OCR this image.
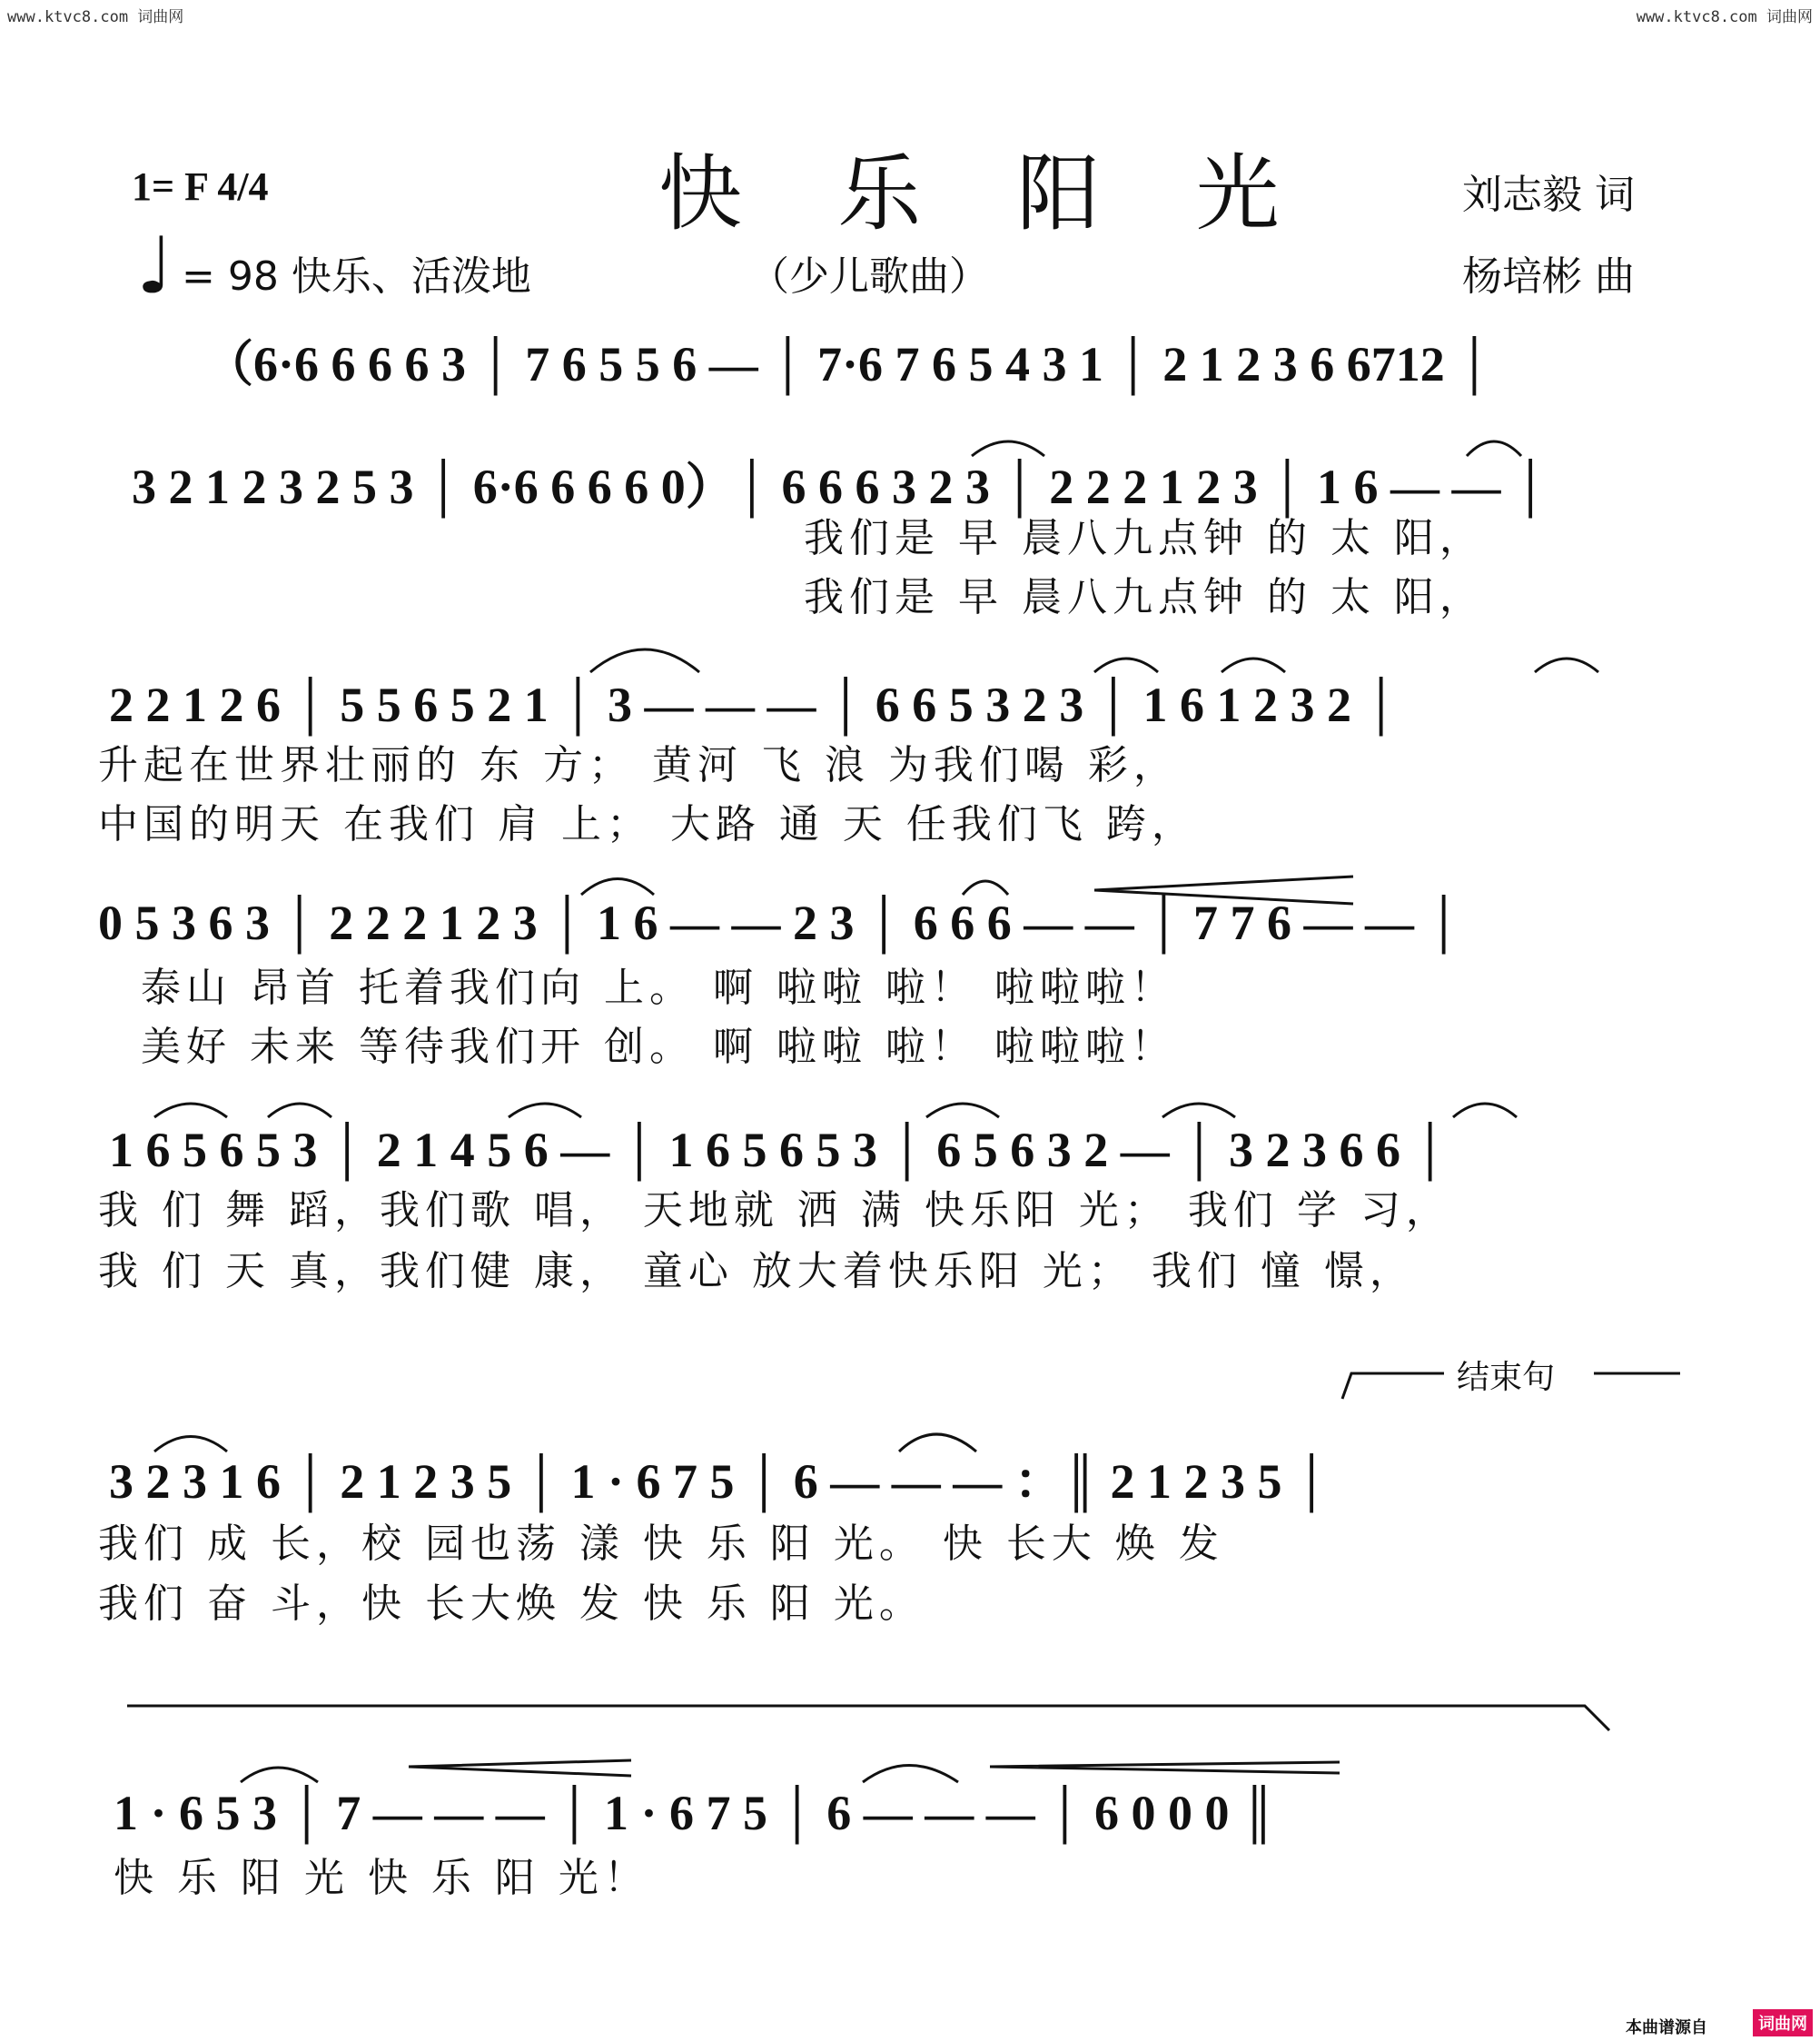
www.ktvc8.com 词曲网	www.ktvc8.com 词曲网
1= F 4/4	快 乐 阳 光	刘志毅 词
♩ = 98 快乐、活泼地	（少儿歌曲）	杨培彬 曲
（6·6 6 6 6 3 │ 7 6 5 5 6 — │ 7·6 7 6 5 4 3 1 │ 2 1 2 3 6 6712 │
3 2 1 2 3 2 5 3 │ 6·6 6 6 6 0）│ 6 6 6 3 2 3 │ 2 2 2 1 2 3 │ 1 6 — — │
我们是 早 晨八九点钟 的 太 阳，
我们是 早 晨八九点钟 的 太 阳，
2 2 1 2 6 │ 5 5 6 5 2 1 │ 3 — — — │ 6 6 5 3 2 3 │ 1 6 1 2 3 2 │
升起在世界壮丽的 东 方； 黄河 飞 浪 为我们喝 彩，
中国的明天 在我们 肩 上； 大路 通 天 任我们飞 跨，
0 5 3 6 3 │ 2 2 2 1 2 3 │ 1 6 — — 2 3 │ 6 6 6 — — │ 7 7 6 — — │
泰山 昂首 托着我们向 上。 啊 啦啦 啦！ 啦啦啦！
美好 未来 等待我们开 创。 啊 啦啦 啦！ 啦啦啦！
1 6 5 6 5 3 │ 2 1 4 5 6 — │ 1 6 5 6 5 3 │ 6 5 6 3 2 — │ 3 2 3 6 6 │
我 们 舞 蹈，我们歌 唱， 天地就 洒 满 快乐阳 光； 我们 学 习，
我 们 天 真，我们健 康， 童心 放大着快乐阳 光； 我们 憧 憬，
结束句
3 2 3 1 6 │ 2 1 2 3 5 │ 1 · 6 7 5 │ 6 — — — ：║ 2 1 2 3 5 │
我们 成 长，校 园也荡 漾 快 乐 阳 光。 快 长大 焕 发
我们 奋 斗，快 长大焕 发 快 乐 阳 光。
1 · 6 5 3 │ 7 — — — │ 1 · 6 7 5 │ 6 — — — │ 6 0 0 0 ║
快 乐 阳 光 快 乐 阳 光！
本曲谱源自	词曲网
